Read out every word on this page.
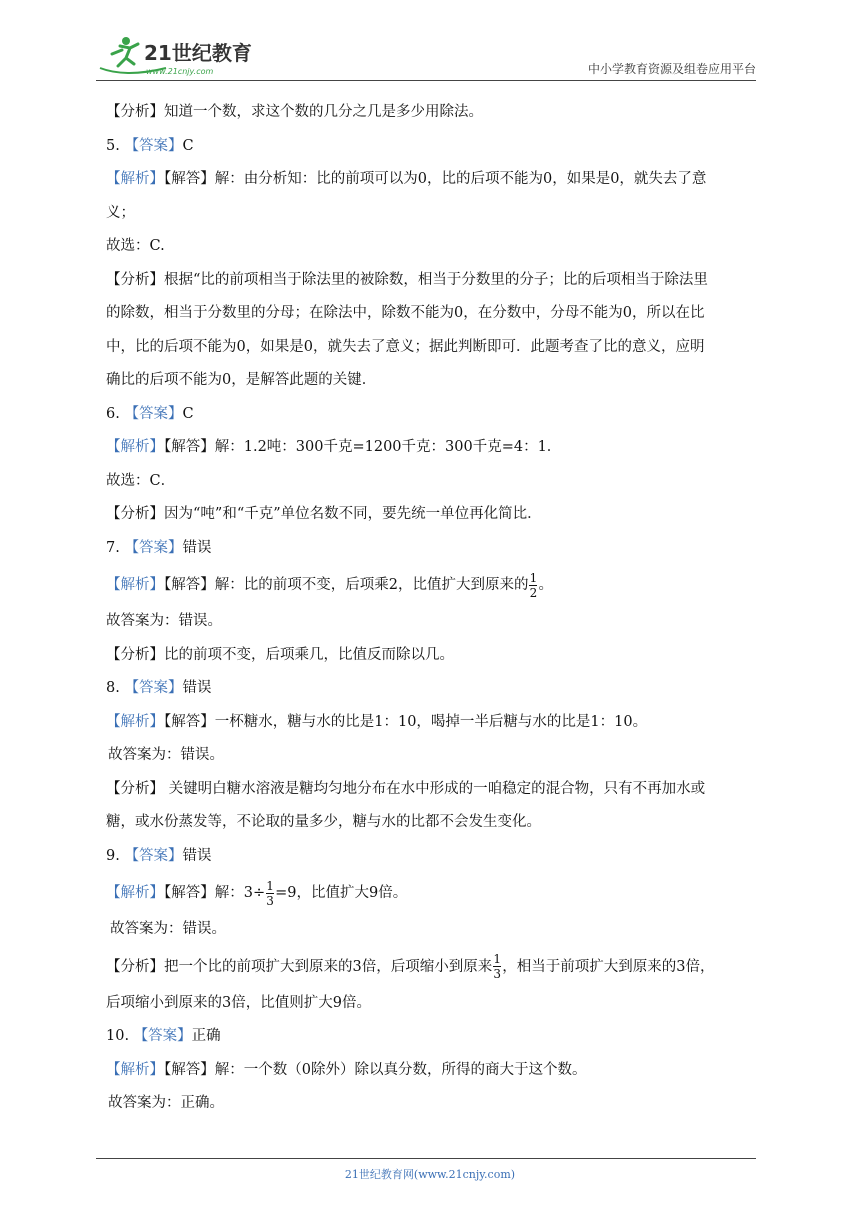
21世纪教育
www.21cnjy.com	中小学教育资源及组卷应用平台
【分析】知道一个数，求这个数的几分之几是多少用除法。
5. 【答案】C
【解析】【解答】解：由分析知：比的前项可以为0，比的后项不能为0，如果是0，就失去了意
义；
故选：C.
【分析】根据“比的前项相当于除法里的被除数，相当于分数里的分子；比的后项相当于除法里
的除数，相当于分数里的分母；在除法中，除数不能为0，在分数中，分母不能为0，所以在比
中，比的后项不能为0，如果是0，就失去了意义；据此判断即可．此题考查了比的意义，应明
确比的后项不能为0，是解答此题的关键．
6. 【答案】C
【解析】【解答】解：1.2吨：300千克=1200千克：300千克=4：1．
故选：C．
【分析】因为“吨”和“千克”单位名数不同，要先统一单位再化简比．
7. 【答案】错误
【解析】【解答】解：比的前项不变，后项乘2，比值扩大到原来的 $\frac{1}{2}$ 。
故答案为：错误。
【分析】比的前项不变，后项乘几，比值反而除以几。
8. 【答案】错误
【解析】【解答】一杯糖水，糖与水的比是1：10，喝掉一半后糖与水的比是1：10。
故答案为：错误。
【分析】 关键明白糖水溶液是糖均匀地分布在水中形成的一咱稳定的混合物，只有不再加水或
糖，或水份蒸发等，不论取的量多少，糖与水的比都不会发生变化。
9. 【答案】错误
【解析】【解答】解：$3\div \frac{1}{3} =9$，比值扩大9倍。
故答案为：错误。
【分析】把一个比的前项扩大到原来的3倍，后项缩小到原来 $\frac{1}{3}$ ，相当于前项扩大到原来的3倍，
后项缩小到原来的3倍，比值则扩大9倍。
10. 【答案】正确
【解析】【解答】解：一个数（0除外）除以真分数，所得的商大于这个数。
故答案为：正确。
21世纪教育网(www.21cnjy.com)
